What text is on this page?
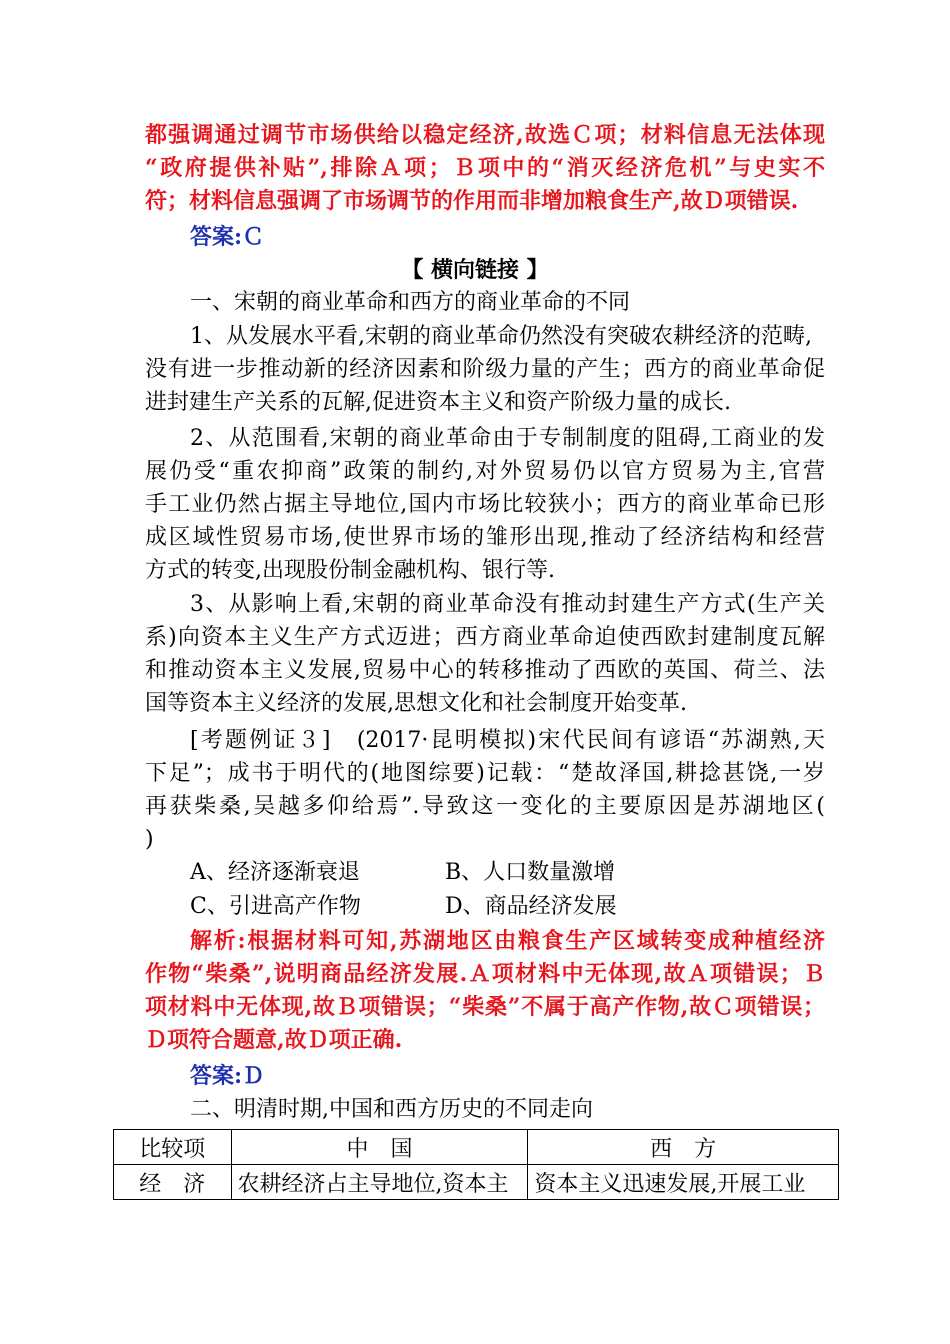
都强调通过调节市场供给以稳定经济,故选Ｃ项；材料信息无法体现
“政府提供补贴”,排除Ａ项；Ｂ项中的“消灭经济危机”与史实不
符；材料信息强调了市场调节的作用而非增加粮食生产,故Ｄ项错误.
答案:Ｃ
【 横向链接 】
一、宋朝的商业革命和西方的商业革命的不同
1、从发展水平看,宋朝的商业革命仍然没有突破农耕经济的范畴,
没有进一步推动新的经济因素和阶级力量的产生；西方的商业革命促
进封建生产关系的瓦解,促进资本主义和资产阶级力量的成长.
2、从范围看,宋朝的商业革命由于专制制度的阻碍,工商业的发
展仍受“重农抑商”政策的制约,对外贸易仍以官方贸易为主,官营
手工业仍然占据主导地位,国内市场比较狭小；西方的商业革命已形
成区域性贸易市场,使世界市场的雏形出现,推动了经济结构和经营
方式的转变,出现股份制金融机构、银行等.
3、从影响上看,宋朝的商业革命没有推动封建生产方式(生产关
系)向资本主义生产方式迈进；西方商业革命迫使西欧封建制度瓦解
和推动资本主义发展,贸易中心的转移推动了西欧的英国、荷兰、法
国等资本主义经济的发展,思想文化和社会制度开始变革.
[考题例证３]　(2017·昆明模拟)宋代民间有谚语“苏湖熟,天
下足”；成书于明代的(地图综要)记载：“楚故泽国,耕捻甚饶,一岁
再获柴桑,吴越多仰给焉”.导致这一变化的主要原因是苏湖地区(
)
A、经济逐渐衰退	B、人口数量激增
C、引进高产作物	D、商品经济发展
解析:根据材料可知,苏湖地区由粮食生产区域转变成种植经济
作物“柴桑”,说明商品经济发展.Ａ项材料中无体现,故Ａ项错误；Ｂ
项材料中无体现,故Ｂ项错误；“柴桑”不属于高产作物,故Ｃ项错误；
Ｄ项符合题意,故Ｄ项正确.
答案:Ｄ
二、明清时期,中国和西方历史的不同走向
比较项	中　国	西　方
经　济	农耕经济占主导地位,资本主	资本主义迅速发展,开展工业
